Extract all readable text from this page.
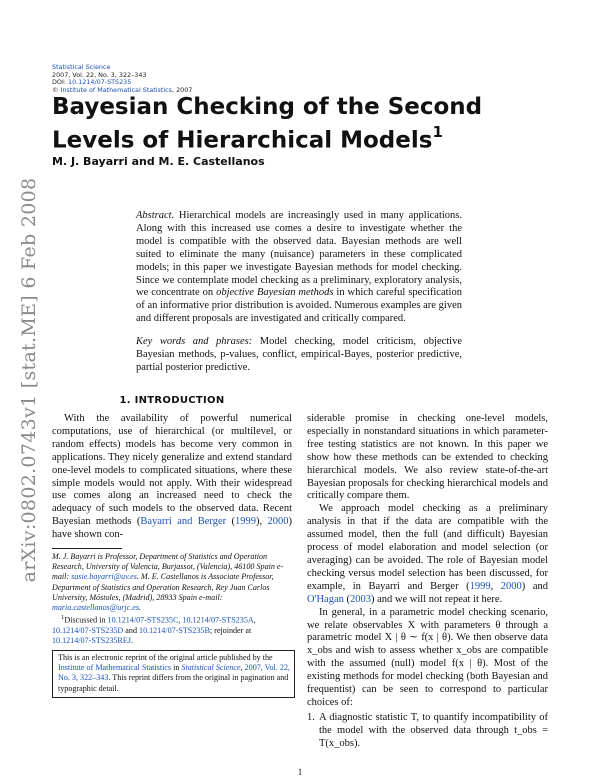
arXiv:0802.0743v1 [stat.ME] 6 Feb 2008
Statistical Science
2007, Vol. 22, No. 3, 322–343
DOI: 10.1214/07-STS235
© Institute of Mathematical Statistics, 2007
Bayesian Checking of the Second Levels of Hierarchical Models$^1$
M. J. Bayarri and M. E. Castellanos

Abstract. Hierarchical models are increasingly used in many applications. Along with this increased use comes a desire to investigate whether the model is compatible with the observed data. Bayesian methods are well suited to eliminate the many (nuisance) parameters in these complicated models; in this paper we investigate Bayesian methods for model checking. Since we contemplate model checking as a preliminary, exploratory analysis, we concentrate on objective Bayesian methods in which careful specification of an informative prior distribution is avoided. Numerous examples are given and different proposals are investigated and critically compared.

Key words and phrases: Model checking, model criticism, objective Bayesian methods, p-values, conflict, empirical-Bayes, posterior predictive, partial posterior predictive.

1. INTRODUCTION

With the availability of powerful numerical computations, use of hierarchical (or multilevel, or random effects) models has become very common in applications. They nicely generalize and extend standard one-level models to complicated situations, where these simple models would not apply. With their widespread use comes along an increased need to check the adequacy of such models to the observed data. Recent Bayesian methods (Bayarri and Berger (1999), 2000) have shown con-

M. J. Bayarri is Professor, Department of Statistics and Operation Research, University of Valencia, Burjassot, (Valencia), 46100 Spain e-mail: susie.bayarri@uv.es. M. E. Castellanos is Associate Professor, Department of Statistics and Operation Research, Rey Juan Carlos University, Móstoles, (Madrid), 28933 Spain e-mail: maria.castellanos@urjc.es.

$^1$Discussed in 10.1214/07-STS235C, 10.1214/07-STS235A, 10.1214/07-STS235D and 10.1214/07-STS235B; rejoinder at 10.1214/07-STS235REJ.

This is an electronic reprint of the original article published by the Institute of Mathematical Statistics in Statistical Science, 2007, Vol. 22, No. 3, 322–343. This reprint differs from the original in pagination and typographic detail.

siderable promise in checking one-level models, especially in nonstandard situations in which parameter-free testing statistics are not known. In this paper we show how these methods can be extended to checking hierarchical models. We also review state-of-the-art Bayesian proposals for checking hierarchical models and critically compare them.

We approach model checking as a preliminary analysis in that if the data are compatible with the assumed model, then the full (and difficult) Bayesian process of model elaboration and model selection (or averaging) can be avoided. The role of Bayesian model checking versus model selection has been discussed, for example, in Bayarri and Berger (1999, 2000) and O'Hagan (2003) and we will not repeat it here.

In general, in a parametric model checking scenario, we relate observables X with parameters θ through a parametric model X | θ ∼ f(x | θ). We then observe data x_obs and wish to assess whether x_obs are compatible with the assumed (null) model f(x | θ). Most of the existing methods for model checking (both Bayesian and frequentist) can be seen to correspond to particular choices of:

1. A diagnostic statistic T, to quantify incompatibility of the model with the observed data through t_obs = T(x_obs).
1
